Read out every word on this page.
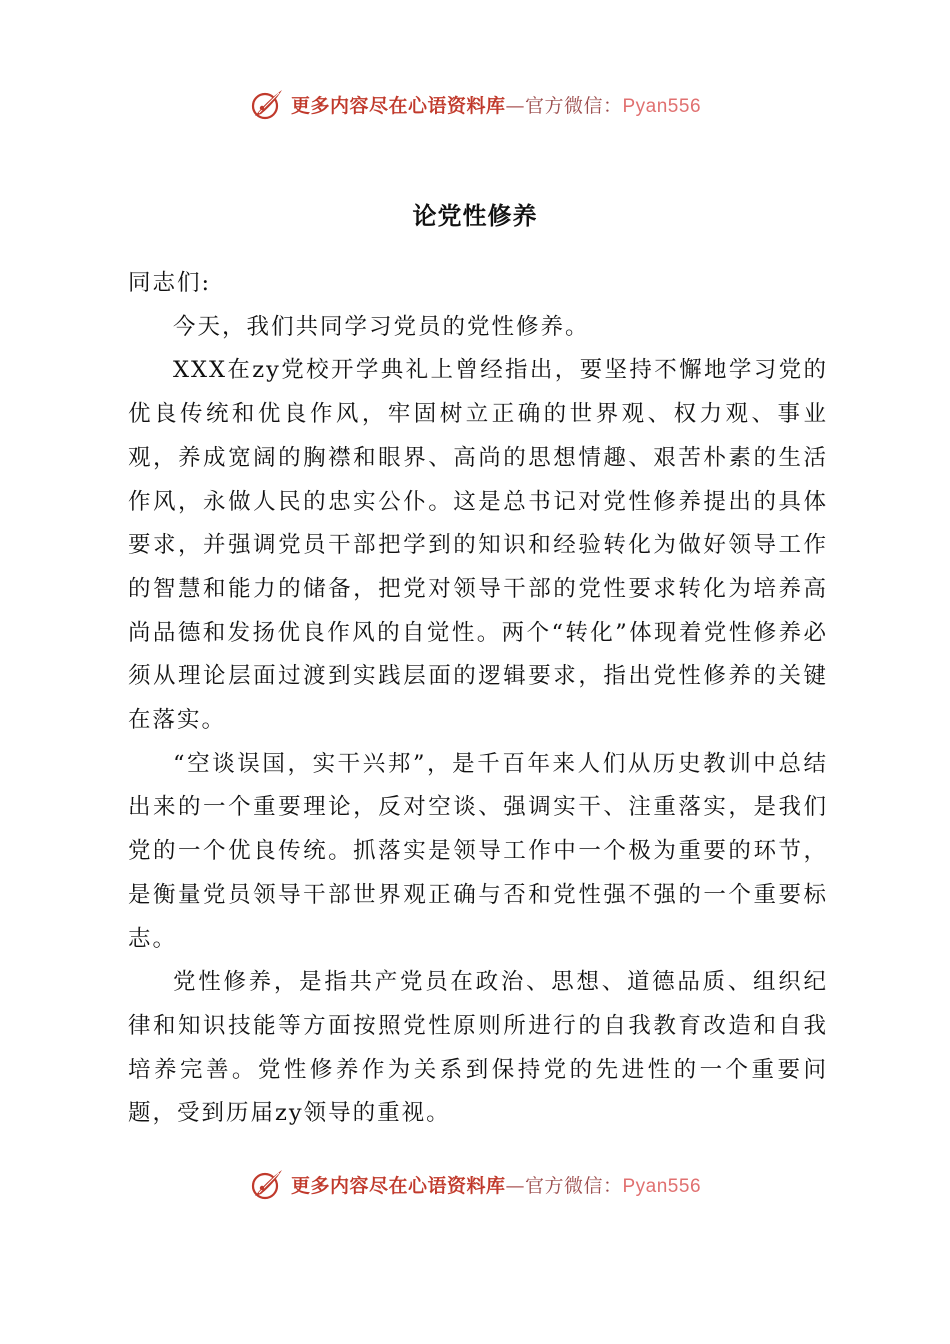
更多内容尽在心语资料库—官方微信：Pyan556
论党性修养

同志们:

今天，我们共同学习党员的党性修养。

XXX在zy党校开学典礼上曾经指出，要坚持不懈地学习党的优良传统和优良作风，牢固树立正确的世界观、权力观、事业观，养成宽阔的胸襟和眼界、高尚的思想情趣、艰苦朴素的生活作风，永做人民的忠实公仆。这是总书记对党性修养提出的具体要求，并强调党员干部把学到的知识和经验转化为做好领导工作的智慧和能力的储备，把党对领导干部的党性要求转化为培养高尚品德和发扬优良作风的自觉性。两个“转化”体现着党性修养必须从理论层面过渡到实践层面的逻辑要求，指出党性修养的关键在落实。

“空谈误国，实干兴邦”，是千百年来人们从历史教训中总结出来的一个重要理论，反对空谈、强调实干、注重落实，是我们党的一个优良传统。抓落实是领导工作中一个极为重要的环节，是衡量党员领导干部世界观正确与否和党性强不强的一个重要标志。

党性修养，是指共产党员在政治、思想、道德品质、组织纪律和知识技能等方面按照党性原则所进行的自我教育改造和自我培养完善。党性修养作为关系到保持党的先进性的一个重要问题，受到历届zy领导的重视。

更多内容尽在心语资料库—官方微信：Pyan556
